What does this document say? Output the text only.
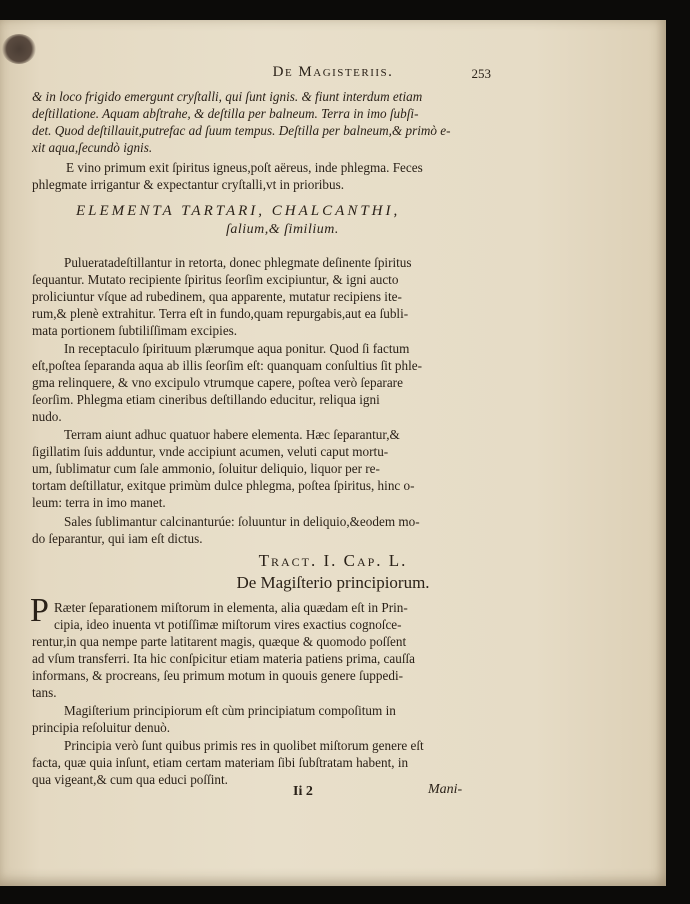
De Magisteriis.	253
& in loco frigido emergunt cryſtalli, qui ſunt ignis. & fiunt interdum etiam
deſtillatione. Aquam abſtrahe, & deſtilla per balneum. Terra in imo ſubſi-
det. Quod deſtillauit,putrefac ad ſuum tempus. Deſtilla per balneum,& primò e-
xit aqua,ſecundò ignis.
E vino primum exit ſpiritus igneus,poſt aëreus, inde phlegma. Feces
phlegmate irrigantur & expectantur cryſtalli,vt in prioribus.
ELEMENTA TARTARI, CHALCANTHI,
ſalium,& ſimilium.
Pulueratadeſtillantur in retorta, donec phlegmate deſinente ſpiritus
ſequantur. Mutato recipiente ſpiritus ſeorſim excipiuntur, & igni aucto
proliciuntur vſque ad rubedinem, qua apparente, mutatur recipiens ite-
rum,& plenè extrahitur. Terra eſt in fundo,quam repurgabis,aut ea ſubli-
mata portionem ſubtiliſſimam excipies.
In receptaculo ſpirituum plærumque aqua ponitur. Quod ſi factum
eſt,poſtea ſeparanda aqua ab illis ſeorſim eſt: quanquam conſultius ſit phle-
gma relinquere, & vno excipulo vtrumque capere, poſtea verò ſeparare
ſeorſim. Phlegma etiam cineribus deſtillando educitur, reliqua igni
nudo.
Terram aiunt adhuc quatuor habere elementa. Hæc ſeparantur,&
ſigillatim ſuis adduntur, vnde accipiunt acumen, veluti caput mortu-
um, ſublimatur cum ſale ammonio, ſoluitur deliquio, liquor per re-
tortam deſtillatur, exitque primùm dulce phlegma, poſtea ſpiritus, hinc o-
leum: terra in imo manet.
Sales ſublimantur calcinanturúe: ſoluuntur in deliquio,&eodem mo-
do ſeparantur, qui iam eſt dictus.
Tract. I. Cap. L.
De Magiſterio principiorum.
P Ræter ſeparationem miſtorum in elementa, alia quædam eſt in Prin-
cipia, ideo inuenta vt potiſſimæ miſtorum vires exactius cognoſce-
rentur,in qua nempe parte latitarent magis, quæque & quomodo poſſent
ad vſum transferri. Ita hic conſpicitur etiam materia patiens prima, cauſſa
informans, & procreans, ſeu primum motum in quouis genere ſuppedi-
tans.
Magiſterium principiorum eſt cùm principiatum compoſitum in
principia reſoluitur denuò.
Principia verò ſunt quibus primis res in quolibet miſtorum genere eſt
facta, quæ quia inſunt, etiam certam materiam ſibi ſubſtratam habent, in
qua vigeant,& cum qua educi poſſint.
Ii 2	Mani-
